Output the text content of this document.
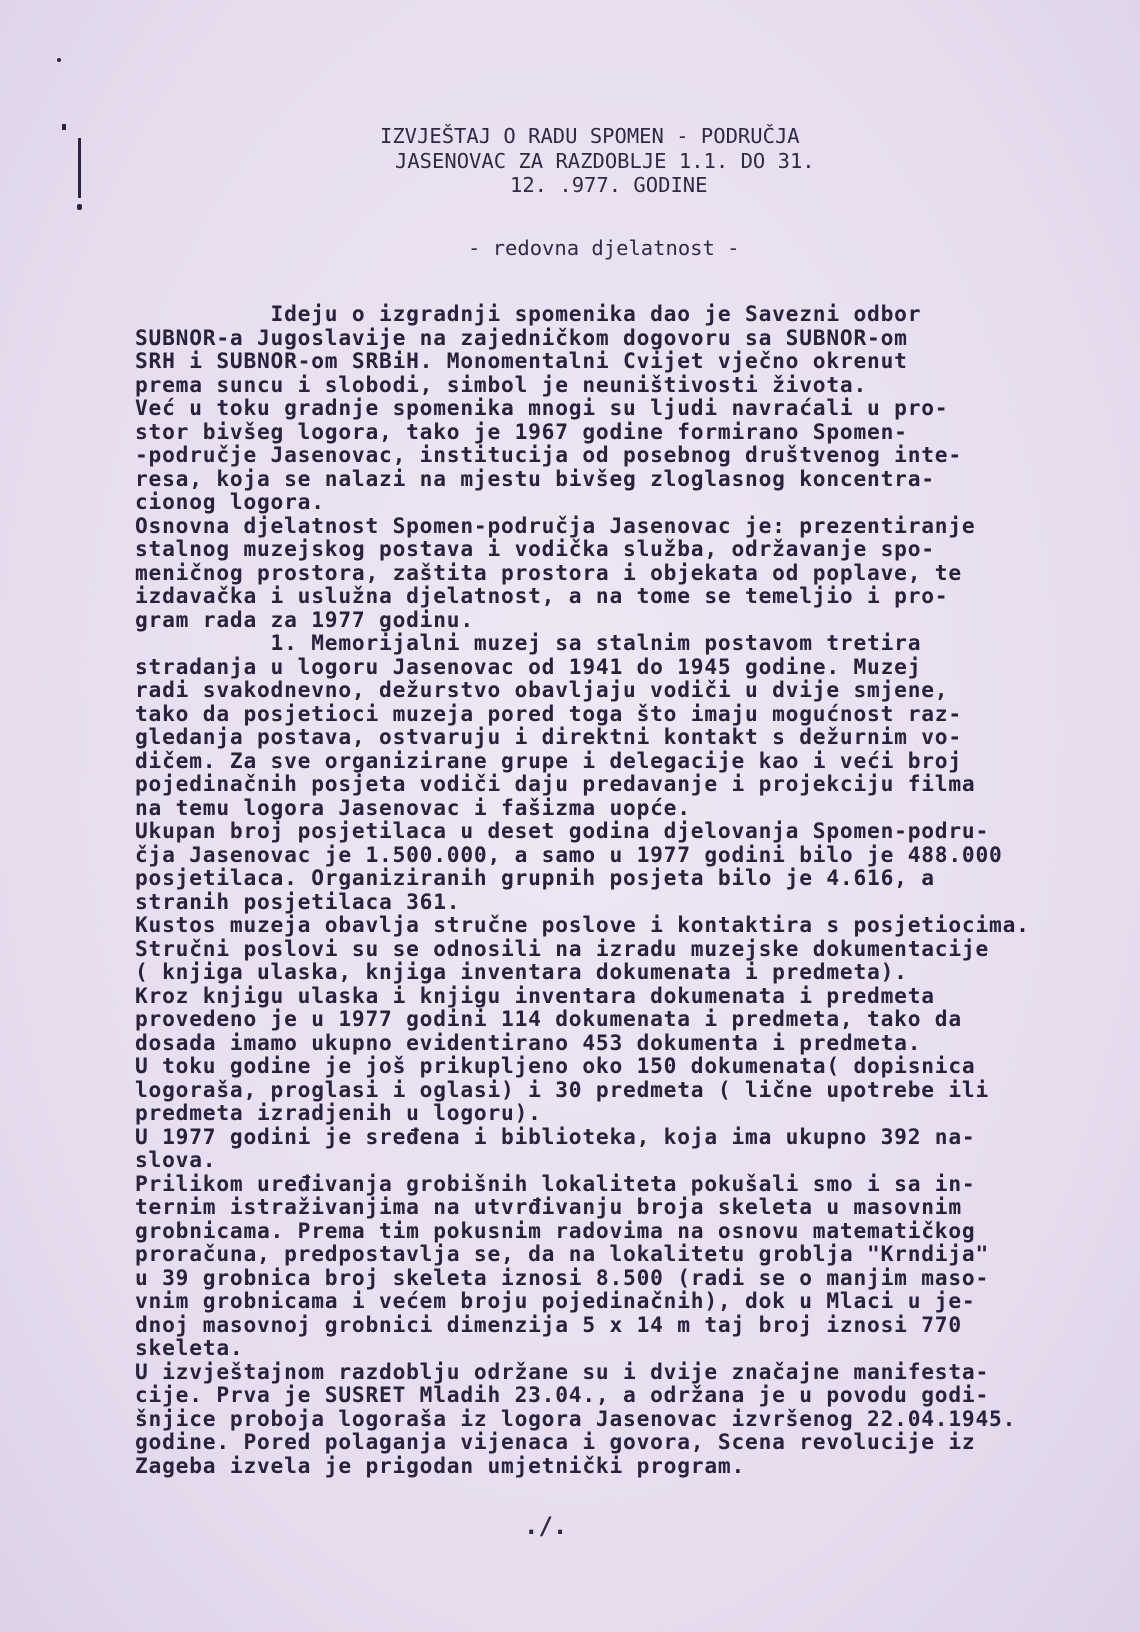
IZVJEŠTAJ O RADU SPOMEN - PODRUČJA
JASENOVAC ZA RAZDOBLJE 1.1. DO 31.
12. .977. GODINE
- redovna djelatnost -
Ideju o izgradnji spomenika dao je Savezni odbor
SUBNOR-a Jugoslavije na zajedničkom dogovoru sa SUBNOR-om
SRH i SUBNOR-om SRBiH. Monomentalni Cvijet vječno okrenut
prema suncu i slobodi, simbol je neuništivosti života.
Već u toku gradnje spomenika mnogi su ljudi navraćali u pro-
stor bivšeg logora, tako je 1967 godine formirano Spomen-
-područje Jasenovac, institucija od posebnog društvenog inte-
resa, koja se nalazi na mjestu bivšeg zloglasnog koncentra-
cionog logora.
Osnovna djelatnost Spomen-područja Jasenovac je: prezentiranje
stalnog muzejskog postava i vodička služba, održavanje spo-
meničnog prostora, zaštita prostora i objekata od poplave, te
izdavačka i uslužna djelatnost, a na tome se temeljio i pro-
gram rada za 1977 godinu.
1. Memorijalni muzej sa stalnim postavom tretira
stradanja u logoru Jasenovac od 1941 do 1945 godine. Muzej
radi svakodnevno, dežurstvo obavljaju vodiči u dvije smjene,
tako da posjetioci muzeja pored toga što imaju mogućnost raz-
gledanja postava, ostvaruju i direktni kontakt s dežurnim vo-
dičem. Za sve organizirane grupe i delegacije kao i veći broj
pojedinačnih posjeta vodiči daju predavanje i projekciju filma
na temu logora Jasenovac i fašizma uopće.
Ukupan broj posjetilaca u deset godina djelovanja Spomen-podru-
čja Jasenovac je 1.500.000, a samo u 1977 godini bilo je 488.000
posjetilaca. Organiziranih grupnih posjeta bilo je 4.616, a
stranih posjetilaca 361.
Kustos muzeja obavlja stručne poslove i kontaktira s posjetiocima.
Stručni poslovi su se odnosili na izradu muzejske dokumentacije
( knjiga ulaska, knjiga inventara dokumenata i predmeta).
Kroz knjigu ulaska i knjigu inventara dokumenata i predmeta
provedeno je u 1977 godini 114 dokumenata i predmeta, tako da
dosada imamo ukupno evidentirano 453 dokumenta i predmeta.
U toku godine je još prikupljeno oko 150 dokumenata( dopisnica
logoraša, proglasi i oglasi) i 30 predmeta ( lične upotrebe ili
predmeta izradjenih u logoru).
U 1977 godini je sređena i biblioteka, koja ima ukupno 392 na-
slova.
Prilikom uređivanja grobišnih lokaliteta pokušali smo i sa in-
ternim istraživanjima na utvrđivanju broja skeleta u masovnim
grobnicama. Prema tim pokusnim radovima na osnovu matematičkog
proračuna, predpostavlja se, da na lokalitetu groblja "Krndija"
u 39 grobnica broj skeleta iznosi 8.500 (radi se o manjim maso-
vnim grobnicama i većem broju pojedinačnih), dok u Mlaci u je-
dnoj masovnoj grobnici dimenzija 5 x 14 m taj broj iznosi 770
skeleta.
U izvještajnom razdoblju održane su i dvije značajne manifesta-
cije. Prva je SUSRET Mladih 23.04., a održana je u povodu godi-
šnjice proboja logoraša iz logora Jasenovac izvršenog 22.04.1945.
godine. Pored polaganja vijenaca i govora, Scena revolucije iz
Zageba izvela je prigodan umjetnički program.
./.
